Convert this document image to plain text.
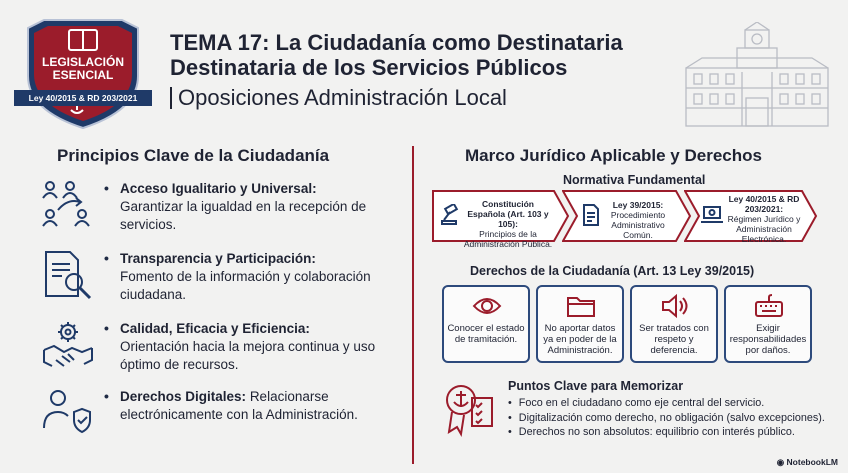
LEGISLACIÓN
ESENCIAL
Ley 40/2015 & RD 203/2021
TEMA 17: La Ciudadanía como Destinataria
Destinataria de los Servicios Públicos
Oposiciones Administración Local
Principios Clave de la Ciudadanía
• Acceso Igualitario y Universal:
Garantizar la igualdad en la recepción de servicios.
• Transparencia y Participación:
Fomento de la información y colaboración ciudadana.
• Calidad, Eficacia y Eficiencia:
Orientación hacia la mejora continua y uso óptimo de recursos.
• Derechos Digitales: Relacionarse electrónicamente con la Administración.
Marco Jurídico Aplicable y Derechos
Normativa Fundamental
Constitución Española (Art. 103 y 105):
Principios de la Administración Pública.
Ley 39/2015:
Procedimiento Administrativo Común.
Ley 40/2015 & RD 203/2021:
Régimen Jurídico y Administración Electrónica.
Derechos de la Ciudadanía (Art. 13 Ley 39/2015)
Conocer el estado de tramitación.
No aportar datos ya en poder de la Administración.
Ser tratados con respeto y deferencia.
Exigir responsabilidades por daños.
Puntos Clave para Memorizar
• Foco en el ciudadano como eje central del servicio.
• Digitalización como derecho, no obligación (salvo excepciones).
• Derechos no son absolutos: equilibrio con interés público.
◉ NotebookLM
